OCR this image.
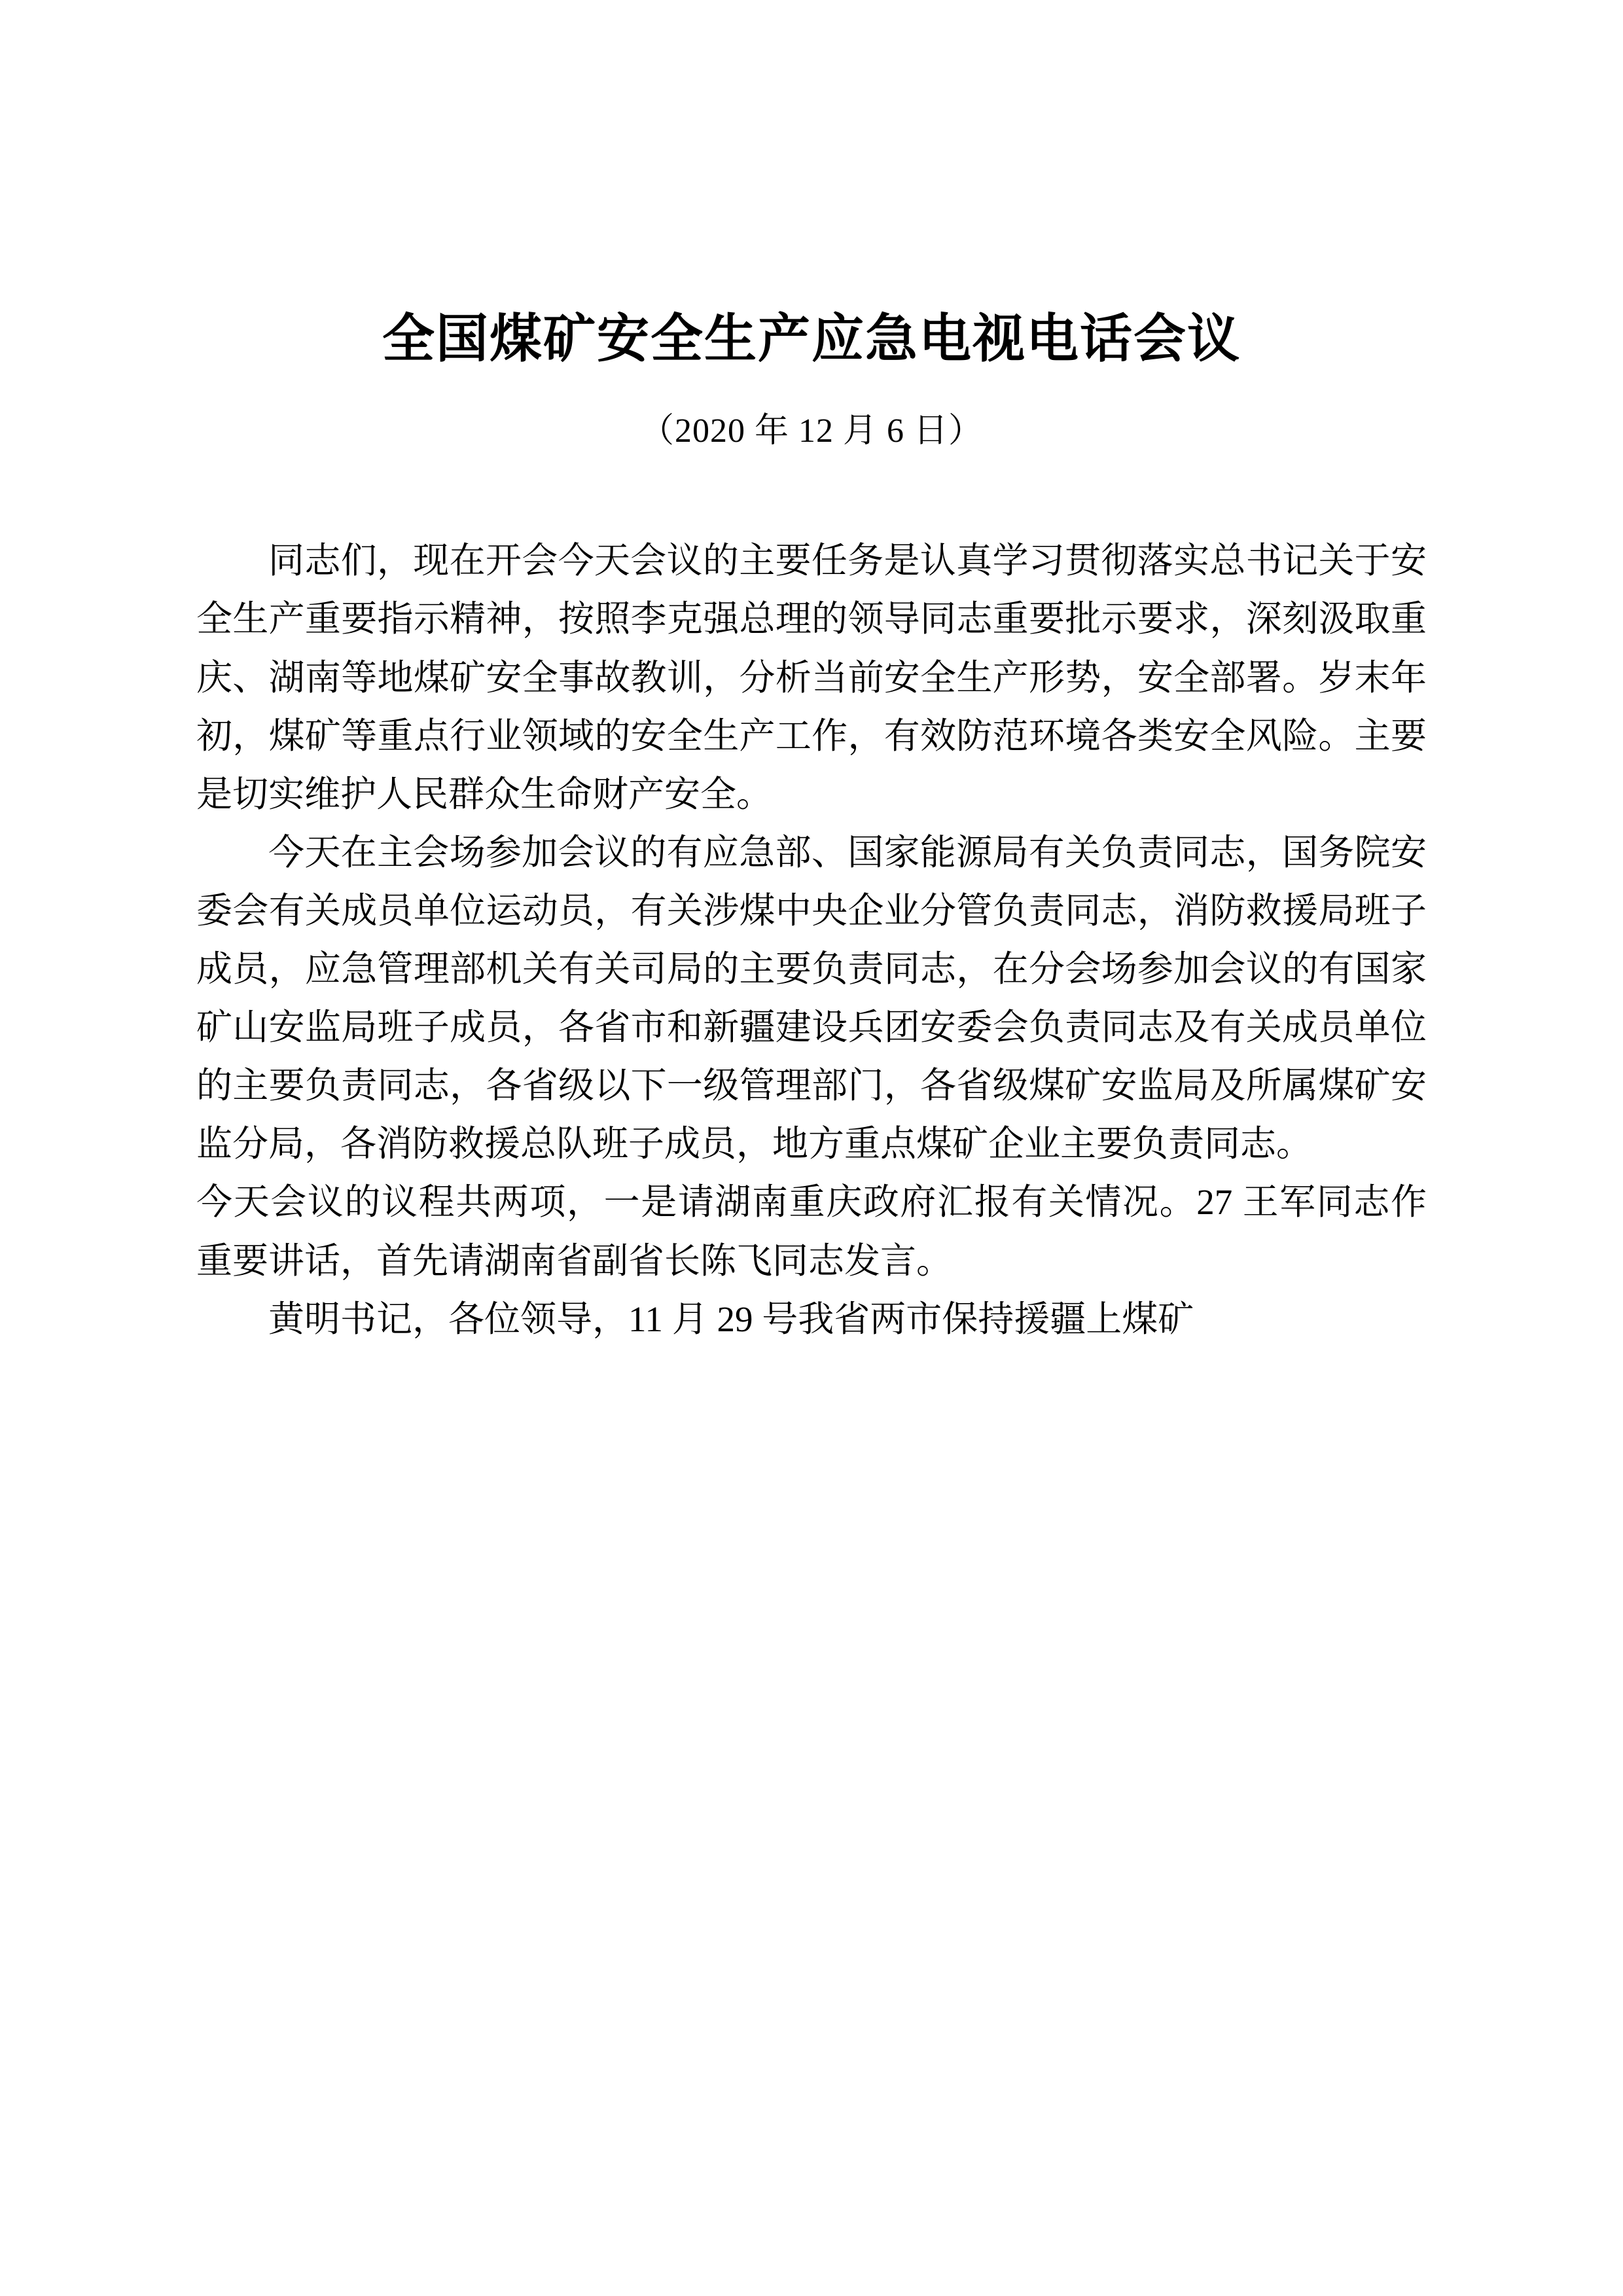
全国煤矿安全生产应急电视电话会议
（2020 年 12 月 6 日）

同志们，现在开会今天会议的主要任务是认真学习贯彻落实总书记关于安全生产重要指示精神，按照李克强总理的领导同志重要批示要求，深刻汲取重庆、湖南等地煤矿安全事故教训，分析当前安全生产形势，安全部署。岁末年初，煤矿等重点行业领域的安全生产工作，有效防范环境各类安全风险。主要是切实维护人民群众生命财产安全。

今天在主会场参加会议的有应急部、国家能源局有关负责同志，国务院安委会有关成员单位运动员，有关涉煤中央企业分管负责同志，消防救援局班子成员，应急管理部机关有关司局的主要负责同志，在分会场参加会议的有国家矿山安监局班子成员，各省市和新疆建设兵团安委会负责同志及有关成员单位的主要负责同志，各省级以下一级管理部门，各省级煤矿安监局及所属煤矿安监分局，各消防救援总队班子成员，地方重点煤矿企业主要负责同志。

今天会议的议程共两项，一是请湖南重庆政府汇报有关情况。27 王军同志作重要讲话，首先请湖南省副省长陈飞同志发言。

黄明书记，各位领导，11 月 29 号我省两市保持援疆上煤矿
